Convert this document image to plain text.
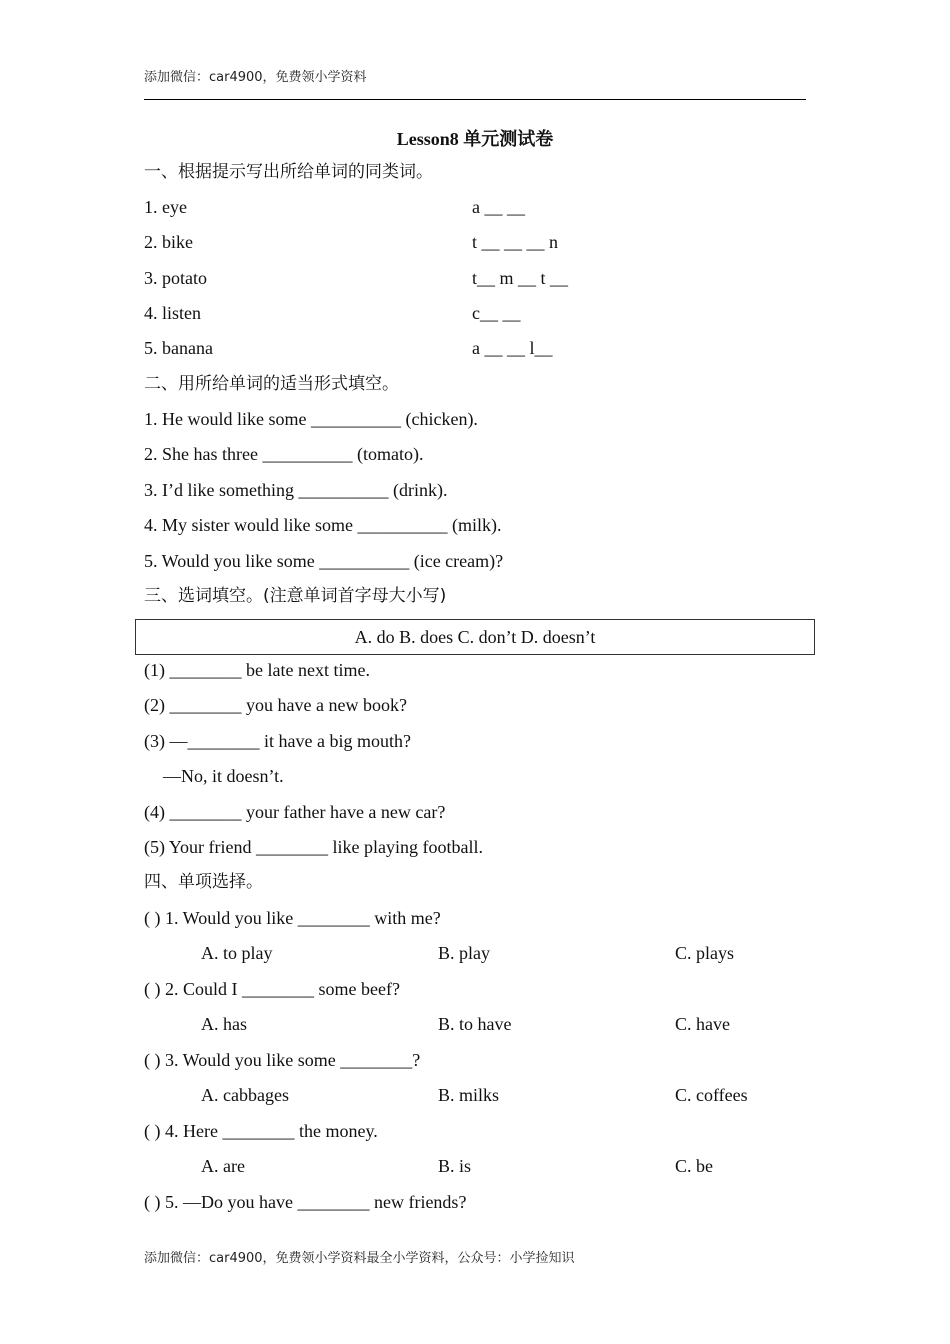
添加微信：car4900，免费领小学资料
Lesson8 单元测试卷
一、根据提示写出所给单词的同类词。
1. eye	a __ __
2. bike	t __ __ __ n
3. potato	t__ m __ t __
4. listen	c__ __
5. banana	a __ __ l__
二、用所给单词的适当形式填空。
1. He would like some __________ (chicken).
2. She has three __________ (tomato).
3. I’d like something __________ (drink).
4. My sister would like some __________ (milk).
5. Would you like some __________ (ice cream)?
三、选词填空。(注意单词首字母大小写)
A. do B. does C. don’t D. doesn’t
(1) ________ be late next time.
(2) ________ you have a new book?
(3) —________ it have a big mouth?
—No, it doesn’t.
(4) ________ your father have a new car?
(5) Your friend ________ like playing football.
四、单项选择。
( ) 1. Would you like ________ with me?
A. to play	B. play	C. plays
( ) 2. Could I ________ some beef?
A. has	B. to have	C. have
( ) 3. Would you like some ________?
A. cabbages	B. milks	C. coffees
( ) 4. Here ________ the money.
A. are	B. is	C. be
( ) 5. —Do you have ________ new friends?
添加微信：car4900，免费领小学资料最全小学资料，公众号：小学捡知识
